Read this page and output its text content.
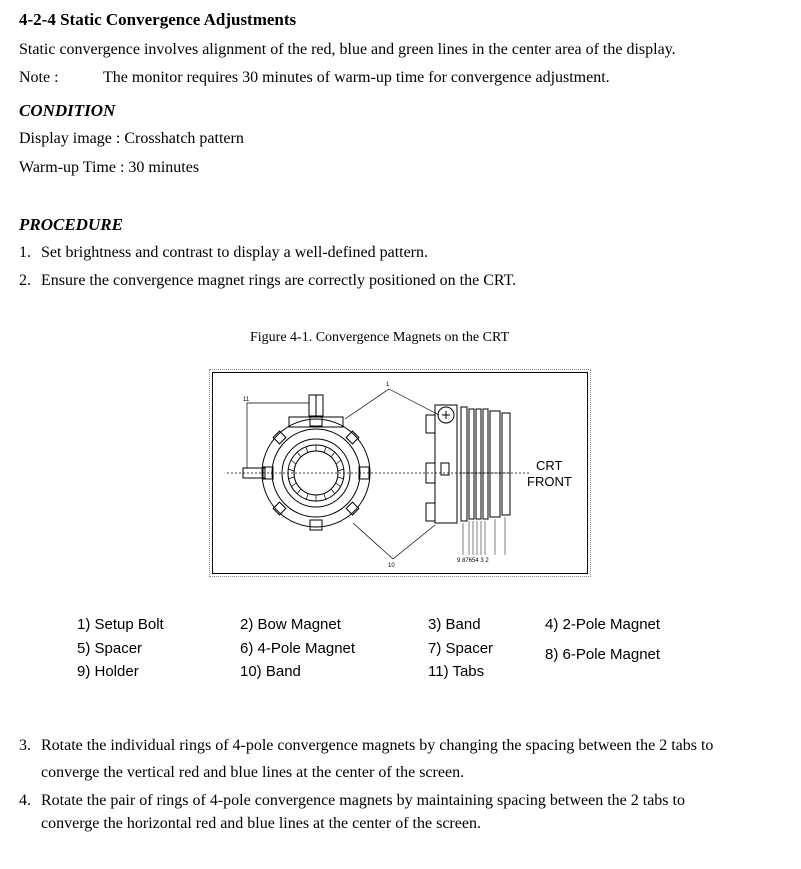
4-2-4 Static Convergence Adjustments
Static convergence involves alignment of the red, blue and green lines in the center area of the display.
Note :	The monitor requires 30 minutes of warm-up time for convergence adjustment.
CONDITION
Display image : Crosshatch pattern
Warm-up Time : 30 minutes
PROCEDURE
1. Set brightness and contrast to display a well-defined pattern.
2. Ensure the convergence magnet rings are correctly positioned on the CRT.
Figure 4-1. Convergence Magnets on the CRT
11
1
10
9 87654 3 2
CRT
FRONT
1) Setup Bolt
5) Spacer
9) Holder
2) Bow Magnet
6) 4-Pole Magnet
10) Band
3) Band
7) Spacer
11) Tabs
4) 2-Pole Magnet
8) 6-Pole Magnet
3. Rotate the individual rings of 4-pole convergence magnets by changing the spacing between the 2 tabs to
converge the vertical red and blue lines at the center of the screen.
4. Rotate the pair of rings of 4-pole convergence magnets by maintaining spacing between the 2 tabs to
converge the horizontal red and blue lines at the center of the screen.
